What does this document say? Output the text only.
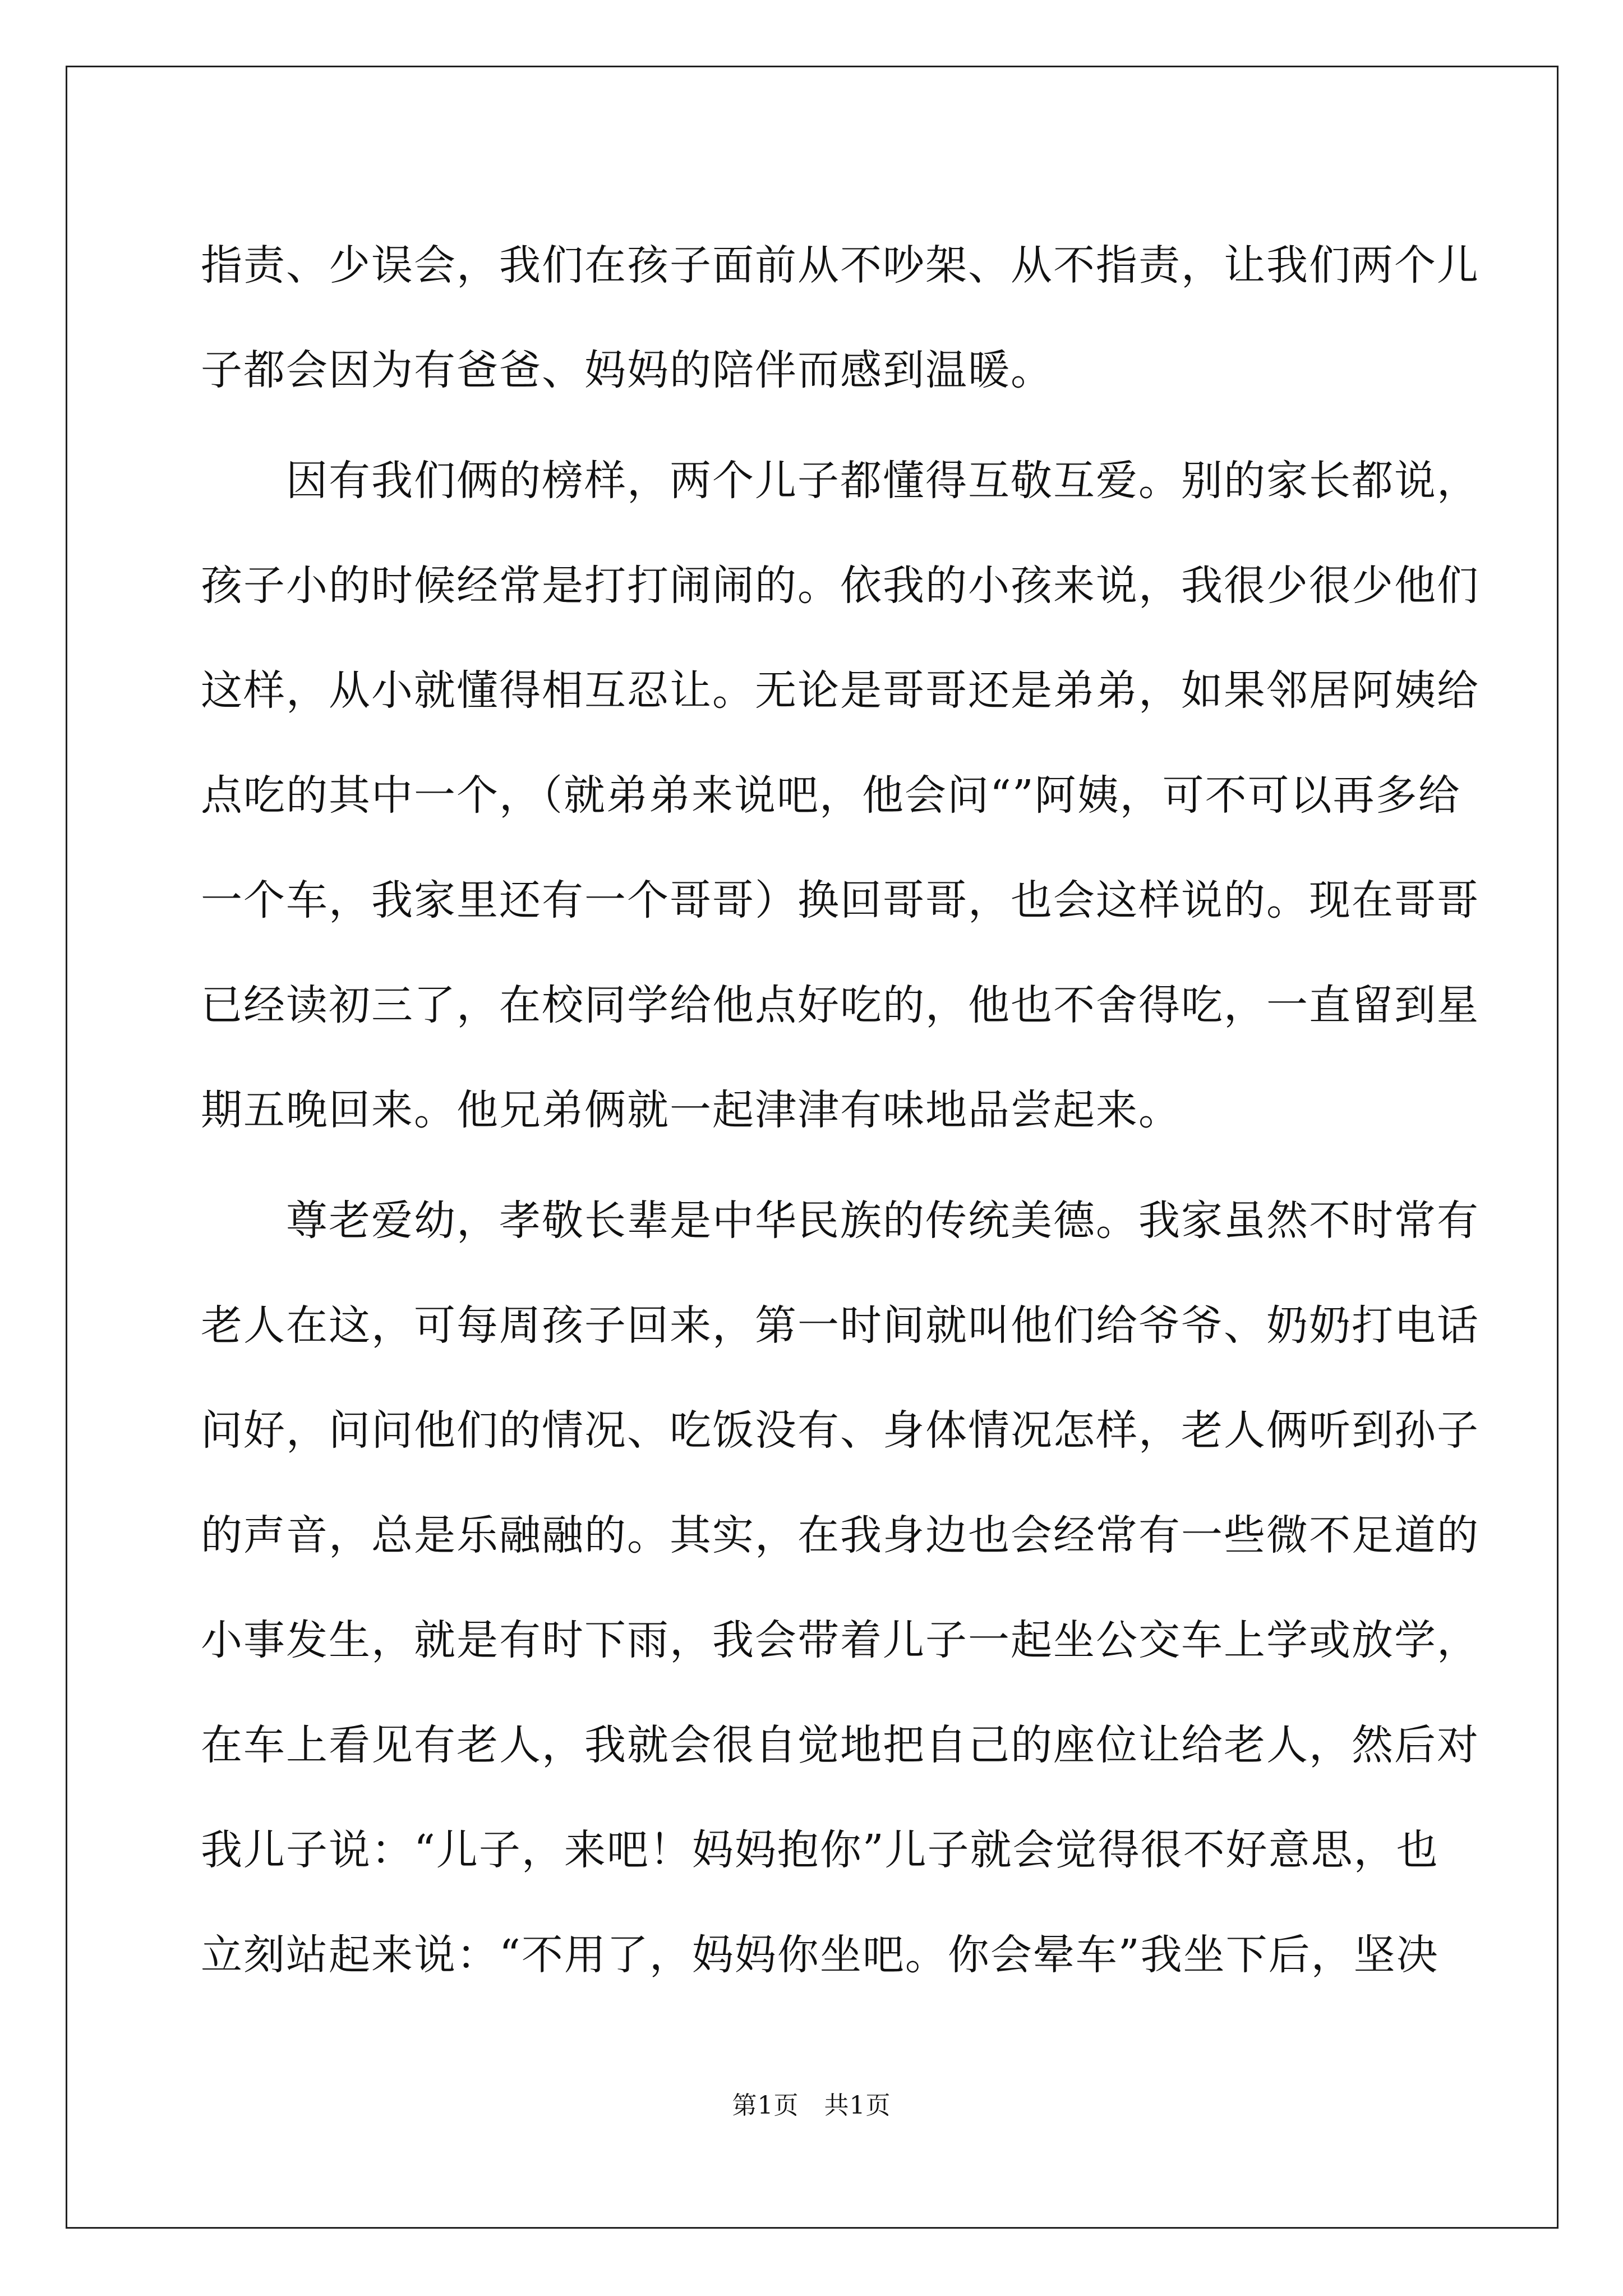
指责、少误会，我们在孩子面前从不吵架、从不指责，让我们两个儿
子都会因为有爸爸、妈妈的陪伴而感到温暖。
因有我们俩的榜样，两个儿子都懂得互敬互爱。别的家长都说，
孩子小的时候经常是打打闹闹的。依我的小孩来说，我很少很少他们
这样，从小就懂得相互忍让。无论是哥哥还是弟弟，如果邻居阿姨给
点吃的其中一个，（就弟弟来说吧，他会问“”阿姨，可不可以再多给
一个车，我家里还有一个哥哥）换回哥哥，也会这样说的。现在哥哥
已经读初三了，在校同学给他点好吃的，他也不舍得吃，一直留到星
期五晚回来。他兄弟俩就一起津津有味地品尝起来。
尊老爱幼，孝敬长辈是中华民族的传统美德。我家虽然不时常有
老人在这，可每周孩子回来，第一时间就叫他们给爷爷、奶奶打电话
问好，问问他们的情况、吃饭没有、身体情况怎样，老人俩听到孙子
的声音，总是乐融融的。其实，在我身边也会经常有一些微不足道的
小事发生，就是有时下雨，我会带着儿子一起坐公交车上学或放学，
在车上看见有老人，我就会很自觉地把自己的座位让给老人，然后对
我儿子说：“儿子，来吧！妈妈抱你”儿子就会觉得很不好意思，也
立刻站起来说：“不用了，妈妈你坐吧。你会晕车”我坐下后，坚决
第1页 共1页
